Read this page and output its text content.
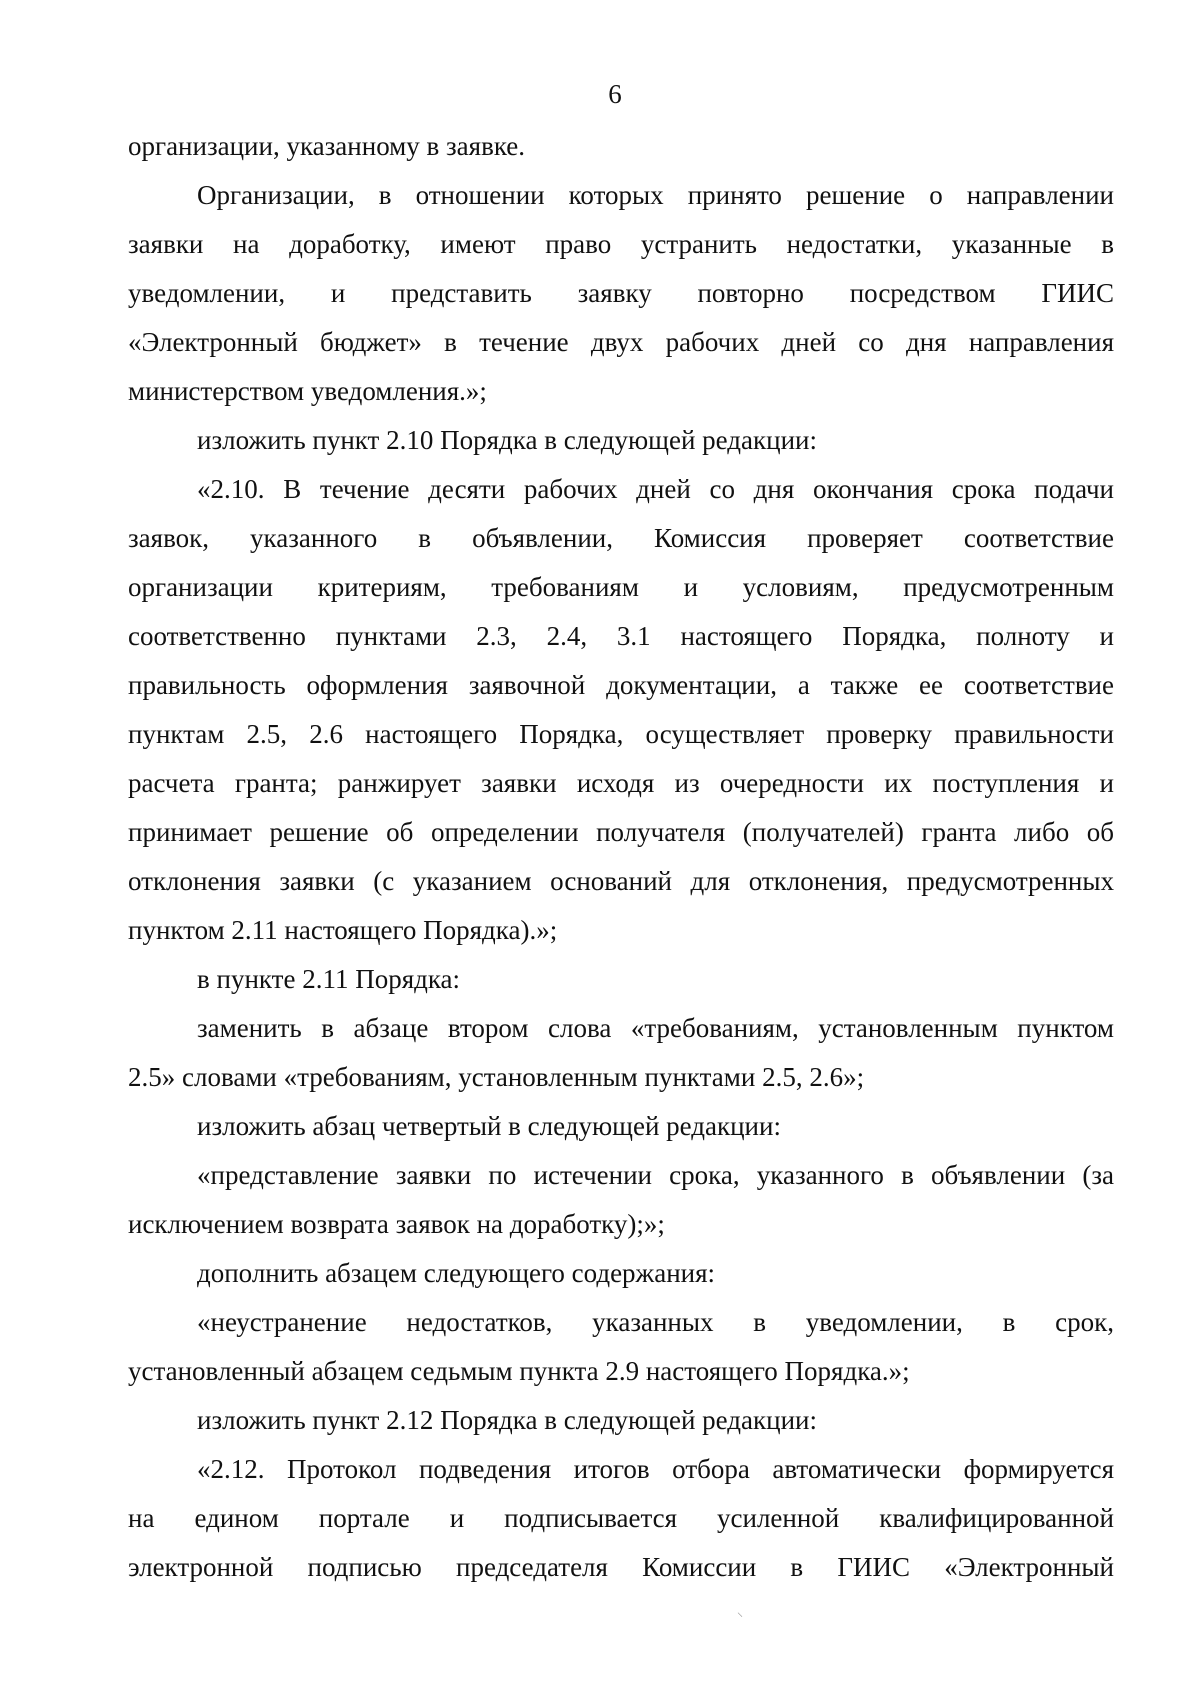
6
организации, указанному в заявке.
Организации, в отношении которых принято решение о направлении
заявки на доработку, имеют право устранить недостатки, указанные в
уведомлении, и представить заявку повторно посредством ГИИС
«Электронный бюджет» в течение двух рабочих дней со дня направления
министерством уведомления.»;
изложить пункт 2.10 Порядка в следующей редакции:
«2.10. В течение десяти рабочих дней со дня окончания срока подачи
заявок, указанного в объявлении, Комиссия проверяет соответствие
организации критериям, требованиям и условиям, предусмотренным
соответственно пунктами 2.3, 2.4, 3.1 настоящего Порядка, полноту и
правильность оформления заявочной документации, а также ее соответствие
пунктам 2.5, 2.6 настоящего Порядка, осуществляет проверку правильности
расчета гранта; ранжирует заявки исходя из очередности их поступления и
принимает решение об определении получателя (получателей) гранта либо об
отклонения заявки (с указанием оснований для отклонения, предусмотренных
пунктом 2.11 настоящего Порядка).»;
в пункте 2.11 Порядка:
заменить в абзаце втором слова «требованиям, установленным пунктом
2.5» словами «требованиям, установленным пунктами 2.5, 2.6»;
изложить абзац четвертый в следующей редакции:
«представление заявки по истечении срока, указанного в объявлении (за
исключением возврата заявок на доработку);»;
дополнить абзацем следующего содержания:
«неустранение недостатков, указанных в уведомлении, в срок,
установленный абзацем седьмым пункта 2.9 настоящего Порядка.»;
изложить пункт 2.12 Порядка в следующей редакции:
«2.12. Протокол подведения итогов отбора автоматически формируется
на едином портале и подписывается усиленной квалифицированной
электронной подписью председателя Комиссии в ГИИС «Электронный
⸜
